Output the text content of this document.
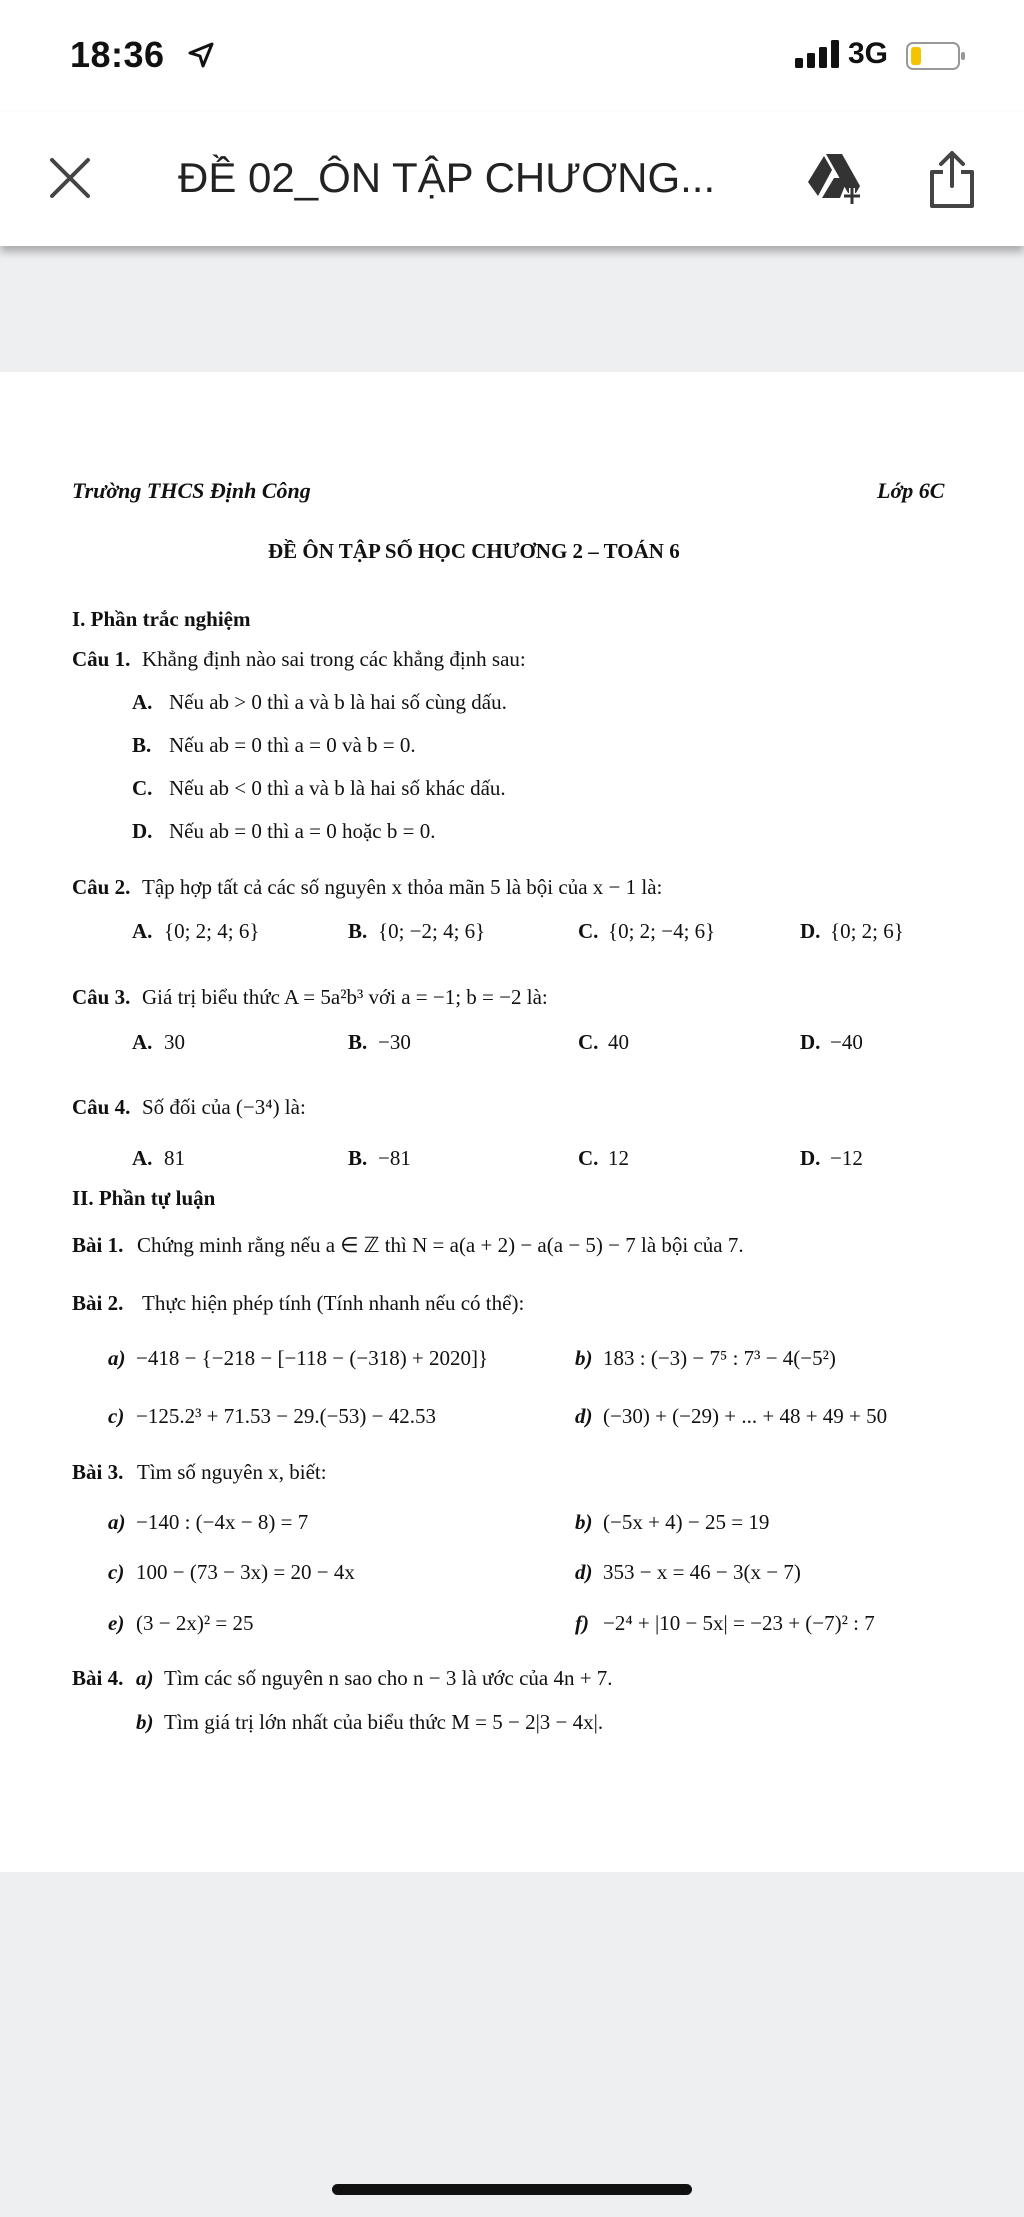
18:36	3G
ĐỀ 02_ÔN TẬP CHƯƠNG...
Trường THCS Định Công	Lớp 6C
ĐỀ ÔN TẬP SỐ HỌC CHƯƠNG 2 – TOÁN 6
I. Phần trắc nghiệm
Câu 1. Khẳng định nào sai trong các khẳng định sau:
A. Nếu ab > 0 thì a và b là hai số cùng dấu.
B. Nếu ab = 0 thì a = 0 và b = 0.
C. Nếu ab < 0 thì a và b là hai số khác dấu.
D. Nếu ab = 0 thì a = 0 hoặc b = 0.
Câu 2. Tập hợp tất cả các số nguyên x thỏa mãn 5 là bội của x − 1 là:
A. {0; 2; 4; 6}	B. {0; −2; 4; 6}	C. {0; 2; −4; 6}	D. {0; 2; 6}
Câu 3. Giá trị biểu thức A = 5a²b³ với a = −1; b = −2 là:
A. 30	B. −30	C. 40	D. −40
Câu 4. Số đối của (−3⁴) là:
A. 81	B. −81	C. 12	D. −12
II. Phần tự luận
Bài 1. Chứng minh rằng nếu a ∈ ℤ thì N = a(a + 2) − a(a − 5) − 7 là bội của 7.
Bài 2. Thực hiện phép tính (Tính nhanh nếu có thể):
a) −418 − {−218 − [−118 − (−318) + 2020]}	b) 183 : (−3) − 7⁵ : 7³ − 4(−5²)
c) −125.2³ + 71.53 − 29.(−53) − 42.53	d) (−30) + (−29) + ... + 48 + 49 + 50
Bài 3. Tìm số nguyên x, biết:
a) −140 : (−4x − 8) = 7	b) (−5x + 4) − 25 = 19
c) 100 − (73 − 3x) = 20 − 4x	d) 353 − x = 46 − 3(x − 7)
e) (3 − 2x)² = 25	f) −2⁴ + |10 − 5x| = −23 + (−7)² : 7
Bài 4. a) Tìm các số nguyên n sao cho n − 3 là ước của 4n + 7.
b) Tìm giá trị lớn nhất của biểu thức M = 5 − 2|3 − 4x|.
